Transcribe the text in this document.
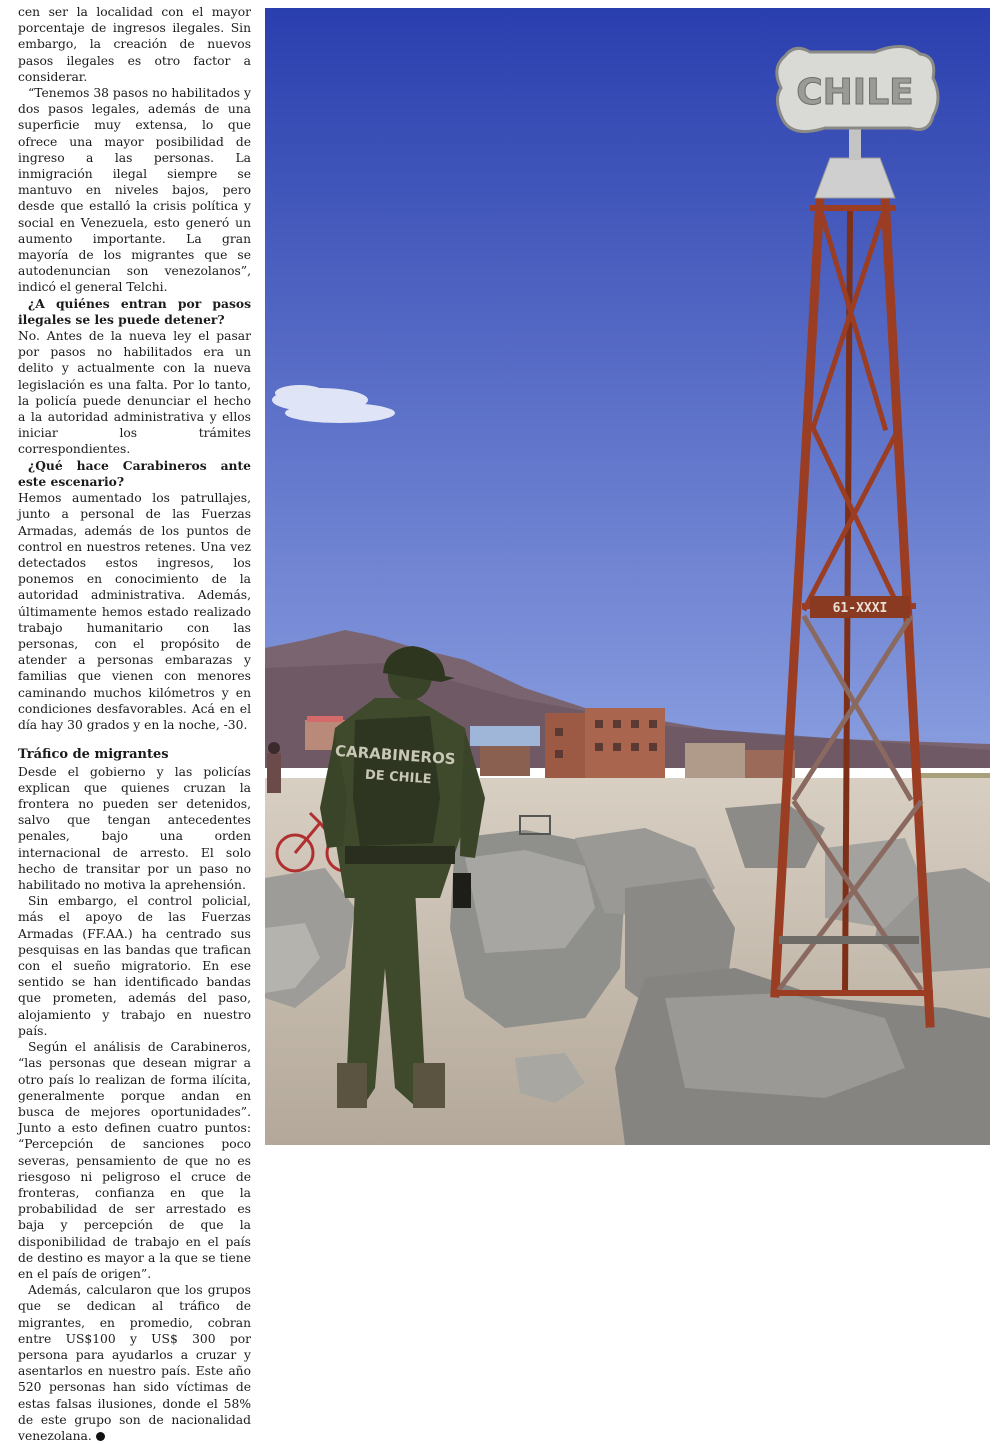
cen ser la localidad con el mayor porcentaje de ingresos ilegales. Sin embargo, la creación de nuevos pasos ilegales es otro factor a considerar.

“Tenemos 38 pasos no habilitados y dos pasos legales, además de una superficie muy extensa, lo que ofrece una mayor posibilidad de ingreso a las personas. La inmigración ilegal siempre se mantuvo en niveles bajos, pero desde que estalló la crisis política y social en Venezuela, esto generó un aumento importante. La gran mayoría de los migrantes que se autodenuncian son venezolanos”, indicó el general Telchi.

¿A quiénes entran por pasos ilegales se les puede detener?

No. Antes de la nueva ley el pasar por pasos no habilitados era un delito y actualmente con la nueva legislación es una falta. Por lo tanto, la policía puede denunciar el hecho a la autoridad administrativa y ellos iniciar los trámites correspondientes.

¿Qué hace Carabineros ante este escenario?

Hemos aumentado los patrullajes, junto a personal de las Fuerzas Armadas, además de los puntos de control en nuestros retenes. Una vez detectados estos ingresos, los ponemos en conocimiento de la autoridad administrativa. Además, últimamente hemos estado realizado trabajo humanitario con las personas, con el propósito de atender a personas embarazas y familias que vienen con menores caminando muchos kilómetros y en condiciones desfavorables. Acá en el día hay 30 grados y en la noche, -30.

Tráfico de migrantes

Desde el gobierno y las policías explican que quienes cruzan la frontera no pueden ser detenidos, salvo que tengan antecedentes penales, bajo una orden internacional de arresto. El solo hecho de transitar por un paso no habilitado no motiva la aprehensión.

Sin embargo, el control policial, más el apoyo de las Fuerzas Armadas (FF.AA.) ha centrado sus pesquisas en las bandas que trafican con el sueño migratorio. En ese sentido se han identificado bandas que prometen, además del paso, alojamiento y trabajo en nuestro país.

Según el análisis de Carabineros, “las personas que desean migrar a otro país lo realizan de forma ilícita, generalmente porque andan en busca de mejores oportunidades”. Junto a esto definen cuatro puntos: “Percepción de sanciones poco severas, pensamiento de que no es riesgoso ni peligroso el cruce de fronteras, confianza en que la probabilidad de ser arrestado es baja y percepción de que la disponibilidad de trabajo en el país de destino es mayor a la que se tiene en el país de origen”.

Además, calcularon que los grupos que se dedican al tráfico de migrantes, en promedio, cobran entre US$100 y US$ 300 por persona para ayudarlos a cruzar y asentarlos en nuestro país. Este año 520 personas han sido víctimas de estas falsas ilusiones, donde el 58% de este grupo son de nacionalidad venezolana.

CARABINEROS
DE CHILE
61-XXXI
CHILE
